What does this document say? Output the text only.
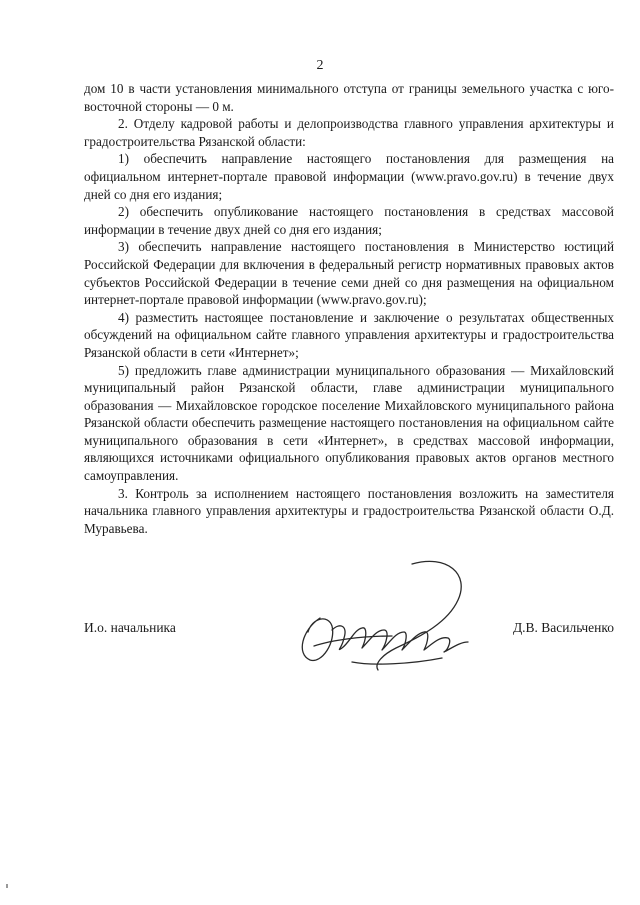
2

дом 10 в части установления минимального отступа от границы земельного участка с юго-восточной стороны — 0 м.

2. Отделу кадровой работы и делопроизводства главного управления архитектуры и градостроительства Рязанской области:

1) обеспечить направление настоящего постановления для размещения на официальном интернет-портале правовой информации (www.pravo.gov.ru) в течение двух дней со дня его издания;

2) обеспечить опубликование настоящего постановления в средствах массовой информации в течение двух дней со дня его издания;

3) обеспечить направление настоящего постановления в Министерство юстиций Российской Федерации для включения в федеральный регистр нормативных правовых актов субъектов Российской Федерации в течение семи дней со дня размещения на официальном интернет-портале правовой информации (www.pravo.gov.ru);

4) разместить настоящее постановление и заключение о результатах общественных обсуждений на официальном сайте главного управления архитектуры и градостроительства Рязанской области в сети «Интернет»;

5) предложить главе администрации муниципального образования — Михайловский муниципальный район Рязанской области, главе администрации муниципального образования — Михайловское городское поселение Михайловского муниципального района Рязанской области обеспечить размещение настоящего постановления на официальном сайте муниципального образования в сети «Интернет», в средствах массовой информации, являющихся источниками официального опубликования правовых актов органов местного самоуправления.

3. Контроль за исполнением настоящего постановления возложить на заместителя начальника главного управления архитектуры и градостроительства Рязанской области О.Д. Муравьева.

И.о. начальника	Д.В. Васильченко
